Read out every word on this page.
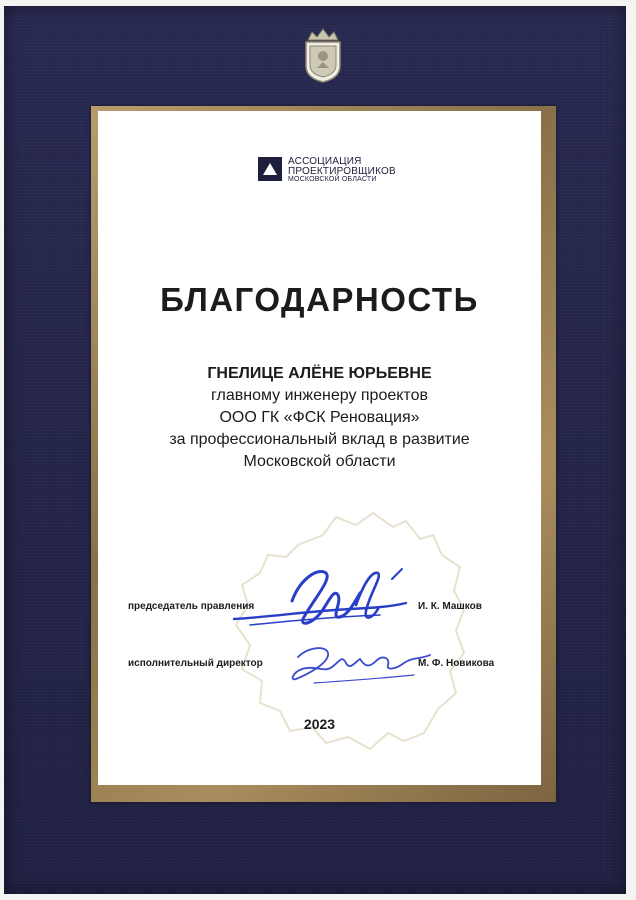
АССОЦИАЦИЯ
ПРОЕКТИРОВЩИКОВ
МОСКОВСКОЙ ОБЛАСТИ
БЛАГОДАРНОСТЬ
ГНЕЛИЦЕ АЛЁНЕ ЮРЬЕВНЕ
главному инженеру проектов
ООО ГК «ФСК Реновация»
за профессиональный вклад в развитие
Московской области
председатель правления	И. К. Машков
исполнительный директор	М. Ф. Новикова
2023
